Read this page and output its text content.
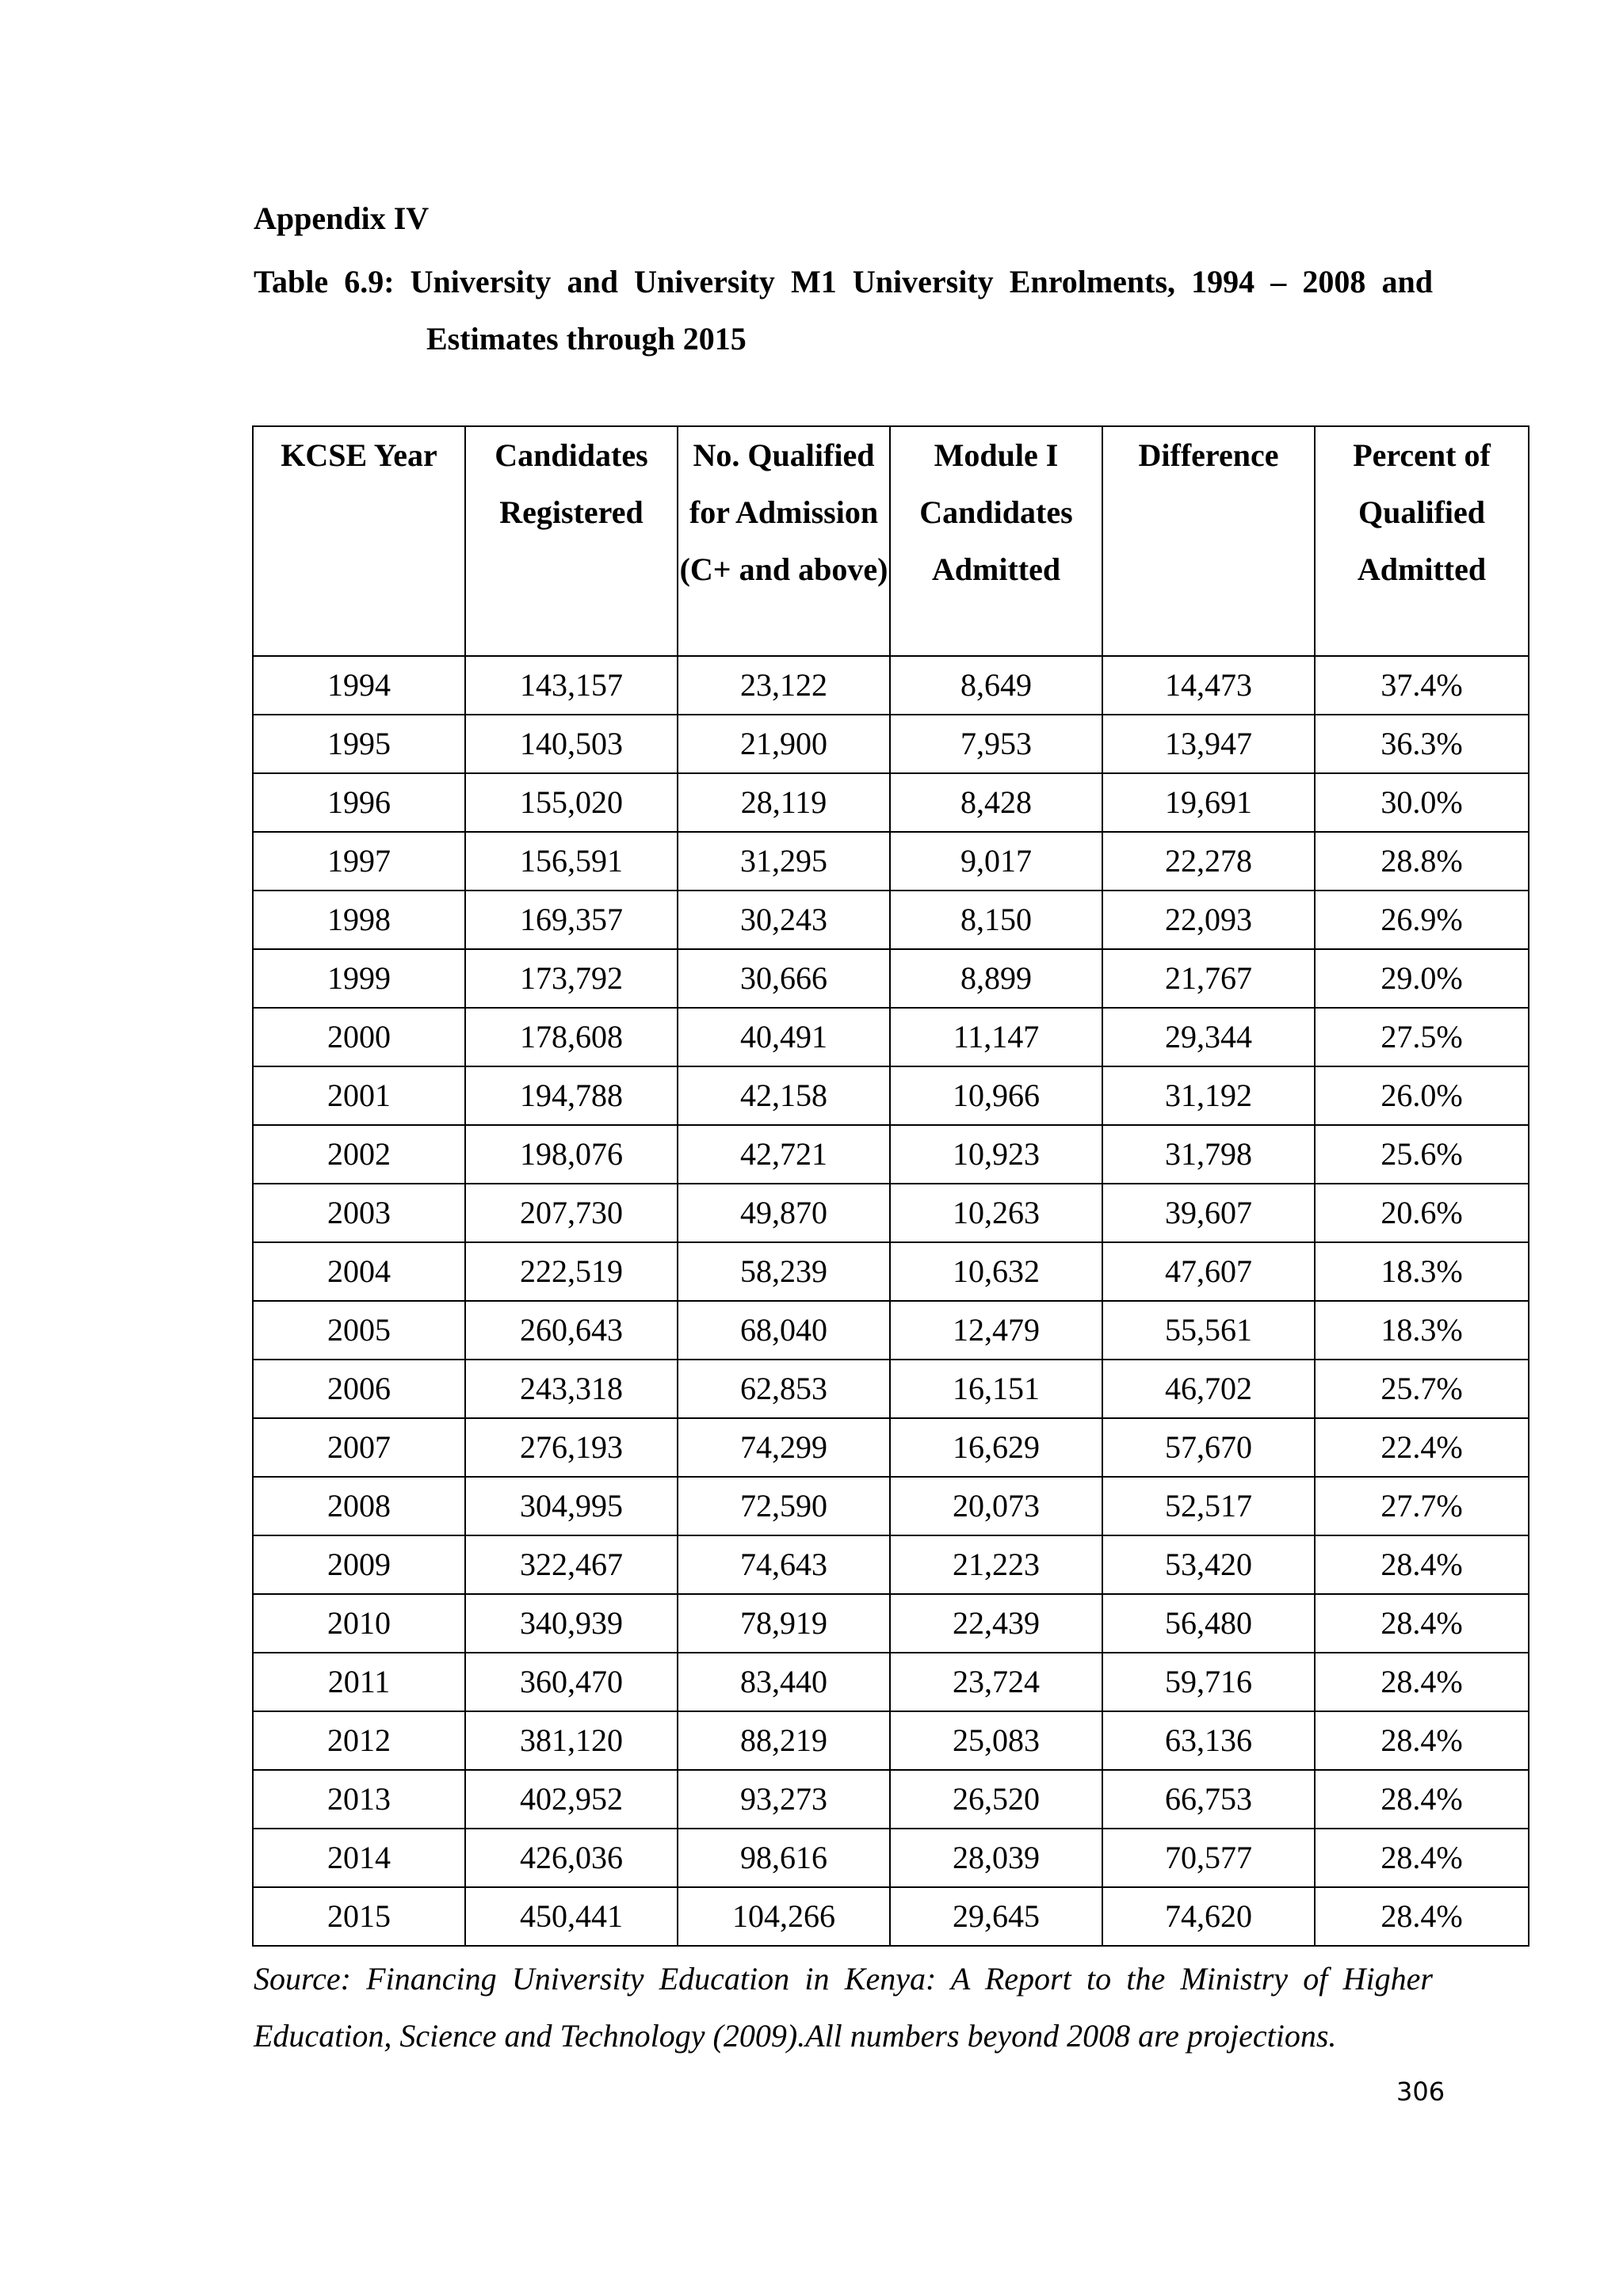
Appendix IV

Table 6.9: University and University M1 University Enrolments, 1994 – 2008 and
Estimates through 2015

KCSE Year	Candidates Registered	No. Qualified for Admission (C+ and above)	Module I Candidates Admitted	Difference	Percent of Qualified Admitted
1994	143,157	23,122	8,649	14,473	37.4%
1995	140,503	21,900	7,953	13,947	36.3%
1996	155,020	28,119	8,428	19,691	30.0%
1997	156,591	31,295	9,017	22,278	28.8%
1998	169,357	30,243	8,150	22,093	26.9%
1999	173,792	30,666	8,899	21,767	29.0%
2000	178,608	40,491	11,147	29,344	27.5%
2001	194,788	42,158	10,966	31,192	26.0%
2002	198,076	42,721	10,923	31,798	25.6%
2003	207,730	49,870	10,263	39,607	20.6%
2004	222,519	58,239	10,632	47,607	18.3%
2005	260,643	68,040	12,479	55,561	18.3%
2006	243,318	62,853	16,151	46,702	25.7%
2007	276,193	74,299	16,629	57,670	22.4%
2008	304,995	72,590	20,073	52,517	27.7%
2009	322,467	74,643	21,223	53,420	28.4%
2010	340,939	78,919	22,439	56,480	28.4%
2011	360,470	83,440	23,724	59,716	28.4%
2012	381,120	88,219	25,083	63,136	28.4%
2013	402,952	93,273	26,520	66,753	28.4%
2014	426,036	98,616	28,039	70,577	28.4%
2015	450,441	104,266	29,645	74,620	28.4%

Source: Financing University Education in Kenya: A Report to the Ministry of Higher
Education, Science and Technology (2009).All numbers beyond 2008 are projections.

306
